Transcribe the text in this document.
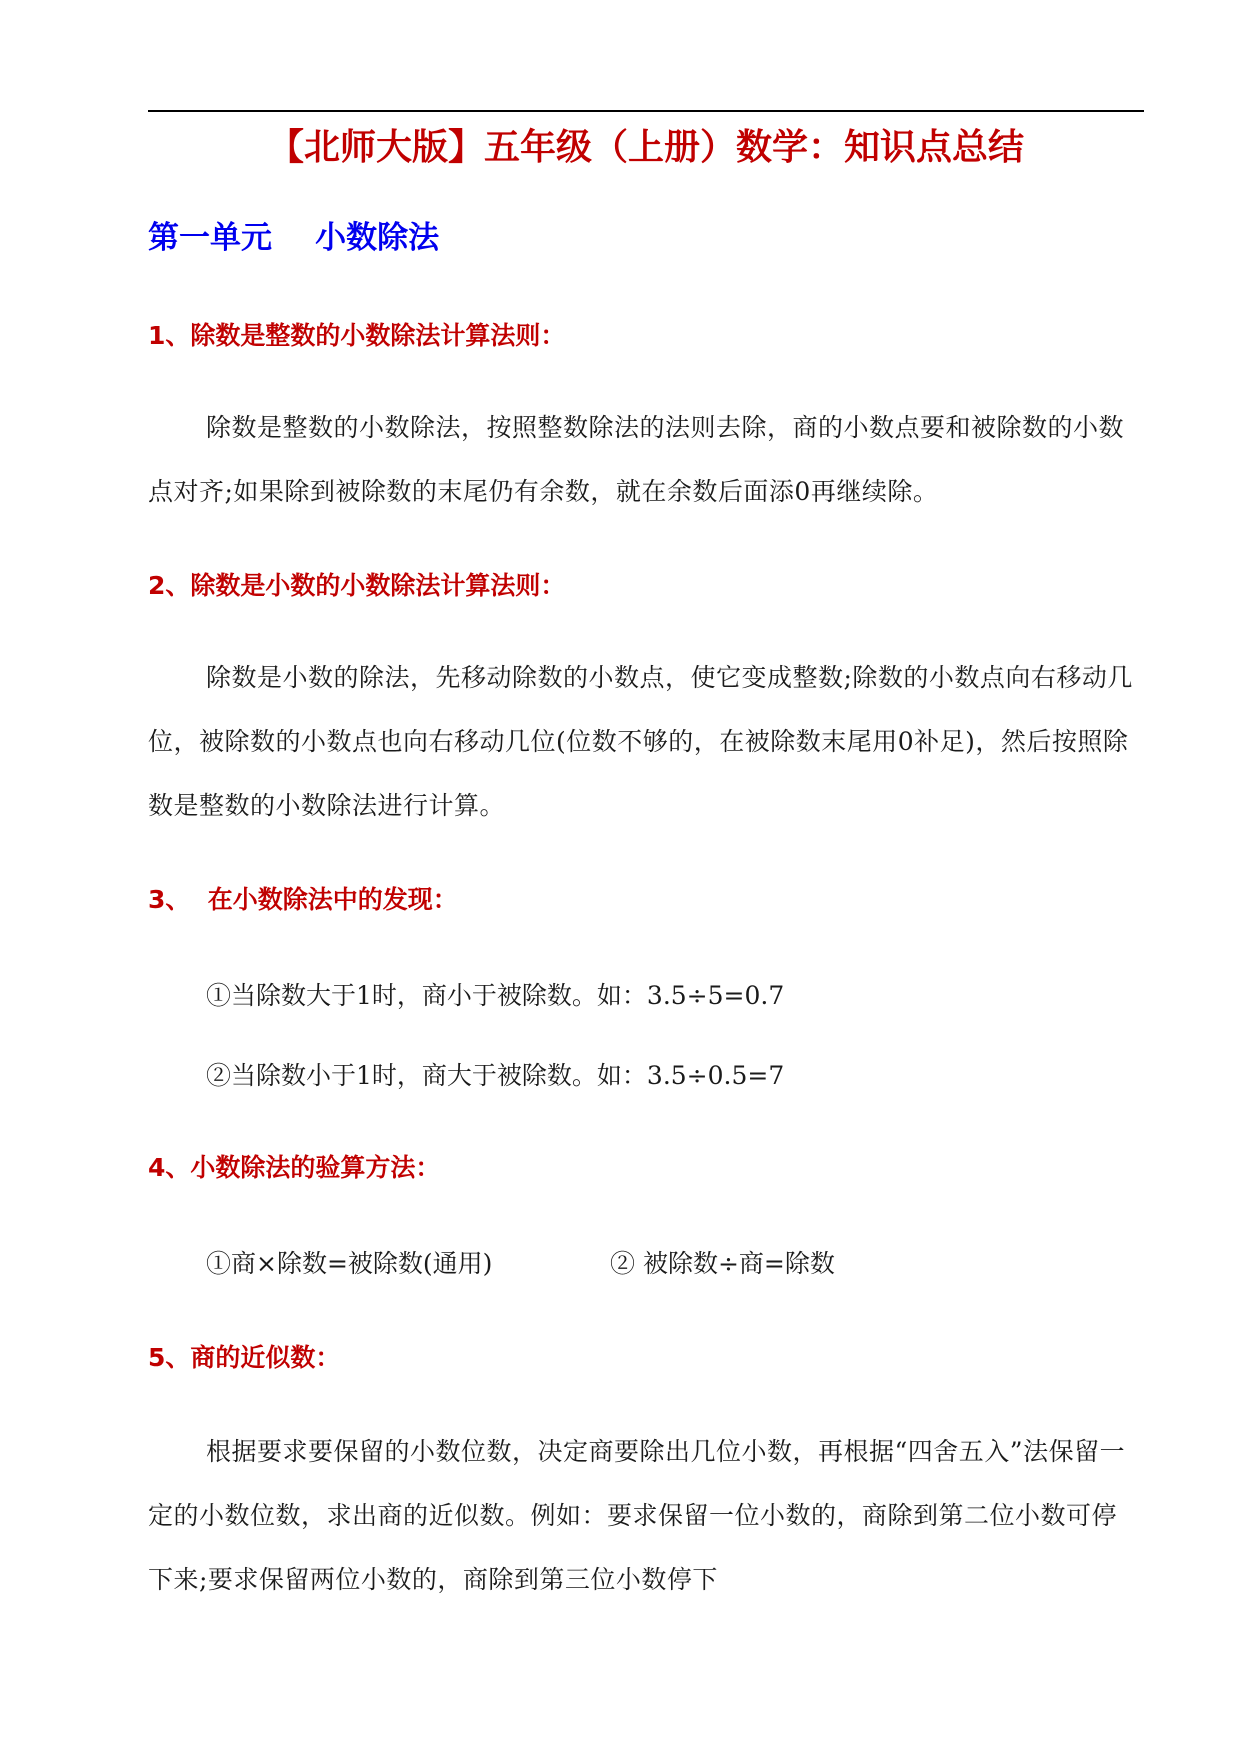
【北师大版】五年级（上册）数学：知识点总结
第一单元    小数除法
1、除数是整数的小数除法计算法则：

除数是整数的小数除法，按照整数除法的法则去除，商的小数点要和被除数的小数点对齐;如果除到被除数的末尾仍有余数，就在余数后面添0再继续除。

2、除数是小数的小数除法计算法则：

除数是小数的除法，先移动除数的小数点，使它变成整数;除数的小数点向右移动几位，被除数的小数点也向右移动几位(位数不够的，在被除数末尾用0补足)，然后按照除数是整数的小数除法进行计算。

3、  在小数除法中的发现：

①当除数大于1时，商小于被除数。如：3.5÷5=0.7

②当除数小于1时，商大于被除数。如：3.5÷0.5=7

4、小数除法的验算方法：

①商×除数=被除数(通用)	② 被除数÷商=除数

5、商的近似数：

根据要求要保留的小数位数，决定商要除出几位小数，再根据“四舍五入”法保留一定的小数位数，求出商的近似数。例如：要求保留一位小数的，商除到第二位小数可停下来;要求保留两位小数的，商除到第三位小数停下
